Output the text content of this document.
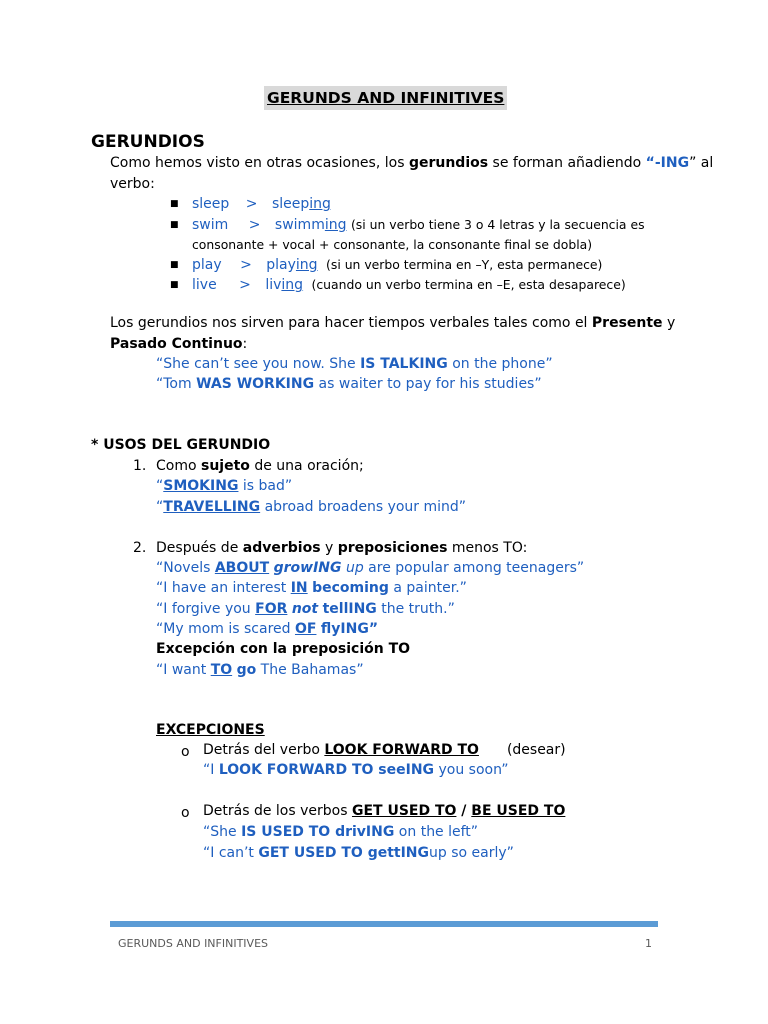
GERUNDS AND INFINITIVES
GERUNDIOS
Como hemos visto en otras ocasiones, los gerundios se forman añadiendo “-ING” al
verbo:
■ sleep > sleeping
■ swim > swimming (si un verbo tiene 3 o 4 letras y la secuencia es
consonante + vocal + consonante, la consonante final se dobla)
■ play > playing (si un verbo termina en –Y, esta permanece)
■ live > living (cuando un verbo termina en –E, esta desaparece)
Los gerundios nos sirven para hacer tiempos verbales tales como el Presente y
Pasado Continuo:
“She can’t see you now. She IS TALKING on the phone”
“Tom WAS WORKING as waiter to pay for his studies”
* USOS DEL GERUNDIO
1. Como sujeto de una oración;
“SMOKING is bad”
“TRAVELLING abroad broadens your mind”
2. Después de adverbios y preposiciones menos TO:
“Novels ABOUT growING up are popular among teenagers”
“I have an interest IN becoming a painter.”
“I forgive you FOR not tellING the truth.”
“My mom is scared OF flyING”
Excepción con la preposición TO
“I want TO go The Bahamas”
EXCEPCIONES
o Detrás del verbo LOOK FORWARD TO (desear)
“I LOOK FORWARD TO seeING you soon”
o Detrás de los verbos GET USED TO / BE USED TO
“She IS USED TO drivING on the left”
“I can’t GET USED TO gettINGup so early”
GERUNDS AND INFINITIVES	1
